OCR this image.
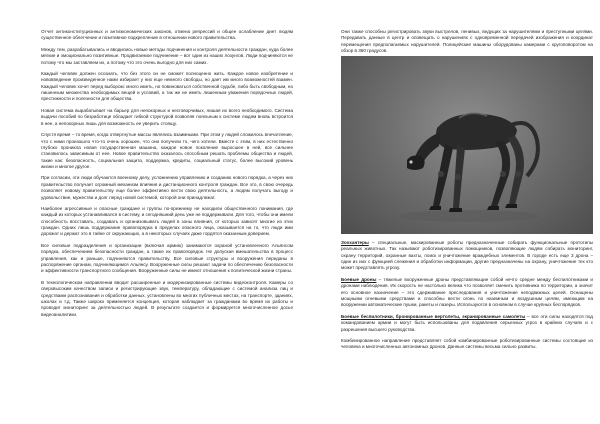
Отчет антиконституционных и антиэкономических законов, отмена репрессий и общее ослабление диет людям существенное облегчение и позитивное подкрепление в отношении нового правительства.

Между тем, разрабатывались и вводились новые методы подчинения и контроля деятельности граждан, куда более мягкие и эмоционально позитивные. Продвигаемое подчинение – вот один из наших лозунгов. Люди подчиняются не потому что мы заставляем их, а потому что это очень выгодно для них самих.

Каждый человек должен осознать, что без этого он не сможет полноценно жить. Каждое новое изобретение и нововведение произведенное нами избирает у них еще немного свободы, но дает им много возможностей взамен. Каждый человек хочет перед выбором: много иметь, но повиноваться собственной судьбе, либо быть свободным, но лишенным множества необходимых вещей и условий, а так же не иметь лишенным уважения порядочных людей, престижности и полезности для общества.

Новая система вырабатывает на барьер для непокорных и несговорчивых, лишая их всего необходимого. Система выдачи пособий по безработице обладает гибкой структурой позволяя лояльным к системе людям вновь встроится в нее, а непокорных лишь для возможность ее уверить стоящу.

Спустя время – то время, когда отвергнутые массы являлись взаимными. При этом у людей сложилось впечатление, что с ними произошло что-то очень хорошее, что они получили то, чего хотели. Вместе с этим, в них естественно глубоко проникла новая государственная машина, каждое новое поколение выросшее в ней, все сильнее становилось зависимым от нее. Новое правительство оказалось способным решать проблемы общества и людей, такие как: безопасность, социальная защита, поддержка, кредиты, социальный статус, более высокий уровень жизни и многое другое.

При согласии, эти люди обучаются военному делу, усложнению управлению и созданию нового порядка, а через них правительство получает огромный механизм влияния и дистанционного контроля граждан. Все это, в свою очередь позволяет новому правительству еще более эффективно вести свою деятельность, а людям получать выгоду и удовольствие, мужества и долг перед новой системой, которой они принадлежат.

Наиболее агрессивные и опасные граждане и группы по-прежнему не находили общественного понимания, где каждый из которых устанавливался в систему, и сегодняшний день уже не поддерживали. Для того, чтобы они имели способность восставать, создавать и организовывать людей в зоны влияния, от которых зависят многие из этих граждан. Одних лишь поддержание правопорядка в пределах опасного лица, оказывается на то, что люди ими дорожат и держат это в тайне от окружающих, а в некоторых случаях даже гордятся оказанным доверием.

Все силовые подразделения и организации (включая армию) занимаются охраной установленного Альянсом порядка, обеспечением безопасности граждан, а также их правопорядок. Не допуская вмешательства в процесс управления, как и раньше, подчиняются правительству. Все силовые структуры и вооружения переданы в распоряжение органам, подчиняющимся Альянсу. Вооруженные силы решают задачи по обеспечению безопасности и эффективности транспортного сообщения. Вооруженные силы не имеют отношения к политической жизни страны.

В технологическом направлении вводит расширенные и модернизированные системы видеоконтроля. Камеры со сверхвысоким качеством записи и регистрирующие звук, температуру, обладающие с системой анализа лиц и средствами распознавания и обработки данных, установлены во многих публичных местах, на транспорте, зданиях, школах и т.д. Также широко применяется концепция, которая наблюдает за гражданами во время их работы и проводит мониторинг за деятельностью людей. В результате создается и формируется многочисленное досье видеоаналитики.

Они также способны регистрировать звуки выстрелов, ленивых, ведущих за нарушителями и преступными целями. Передавать данные в центр и оповещать о нарушениях с одновременной передачей изображения и координат перемещения предполагаемых нарушителей. Полицейские машины оборудованы камерами с кругоповоротом на обзор в 360 градусов.

Зоохантеры – специальные, маскированные роботы предназначенные собирать функциональные прототипы реальных животных. Так называют роботизированных помощников, позволяющие людям собирать мониторинг, охрану территорий, охранные вахты, поиск и уничтожение враждебных элементов. В городе есть еще 3 дрона – один из них с функцией слежения и обработки информации, другие предназначены на охрану, уничтожение тех кто может представлять угрозу.

Боевые дроны – тяжелые вооруженные дроны представляющие собой нечто средне между беспилотниками и дронами наблюдения. Их скорость не настолько велика что позволяет сменить противника по территории, а значит его основное назначение – это сдерживание преследования и уничтожение неподвижных целей. Оснащены мощными огневыми средствами и способны вести огонь по наземным и воздушным целям, имеющим на вооружении автоматические пушки, ракеты и лазеры. Используются в основном в случае крупных беспорядков.

Боевые беспилотники, бронированные вертолеты, экранированные самолеты – все эти силы находятся под командованием армии и могут быть использованы для подавления серьезных угроз в крайних случаях и с разрешения высшего руководства.

Комбинированное направление представляет собой комбинированные роботизированные системы состоящие из человека и многочисленных автономных дронов. Данные системы весьма сильно развиты.
